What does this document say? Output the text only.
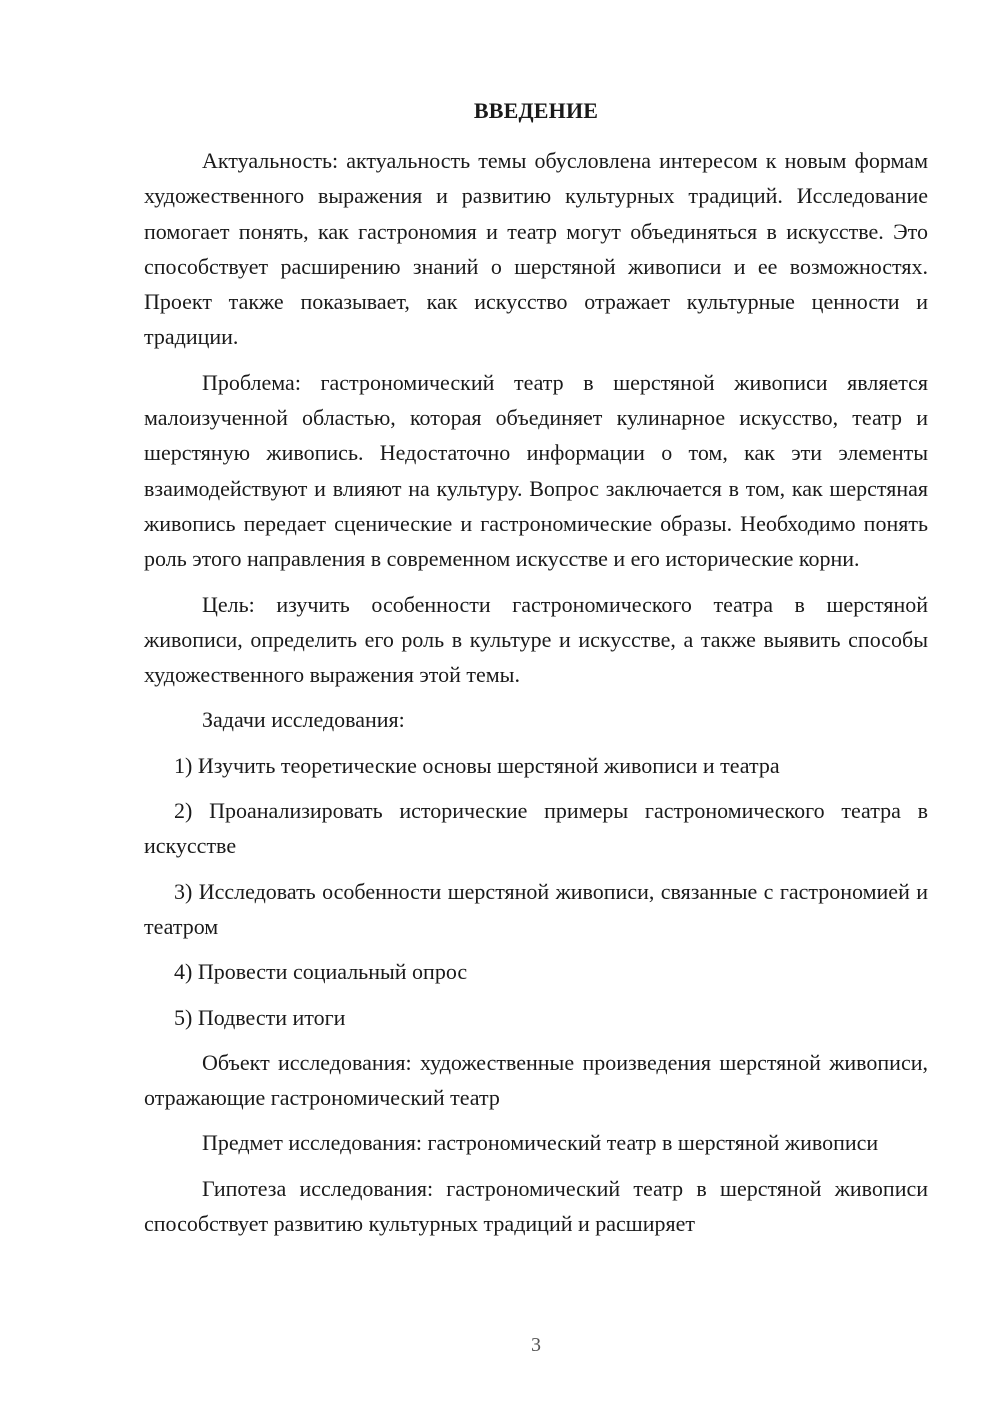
ВВЕДЕНИЕ

Актуальность: актуальность темы обусловлена интересом к новым формам художественного выражения и развитию культурных традиций. Исследование помогает понять, как гастрономия и театр могут объединяться в искусстве. Это способствует расширению знаний о шерстяной живописи и ее возможностях. Проект также показывает, как искусство отражает культурные ценности и традиции.

Проблема: гастрономический театр в шерстяной живописи является малоизученной областью, которая объединяет кулинарное искусство, театр и шерстяную живопись. Недостаточно информации о том, как эти элементы взаимодействуют и влияют на культуру. Вопрос заключается в том, как шерстяная живопись передает сценические и гастрономические образы. Необходимо понять роль этого направления в современном искусстве и его исторические корни.

Цель: изучить особенности гастрономического театра в шерстяной живописи, определить его роль в культуре и искусстве, а также выявить способы художественного выражения этой темы.

Задачи исследования:

1) Изучить теоретические основы шерстяной живописи и театра

2) Проанализировать исторические примеры гастрономического театра в искусстве

3) Исследовать особенности шерстяной живописи, связанные с гастрономией и театром

4) Провести социальный опрос

5) Подвести итоги

Объект исследования: художественные произведения шерстяной живописи, отражающие гастрономический театр

Предмет исследования: гастрономический театр в шерстяной живописи

Гипотеза исследования: гастрономический театр в шерстяной живописи способствует развитию культурных традиций и расширяет

3
